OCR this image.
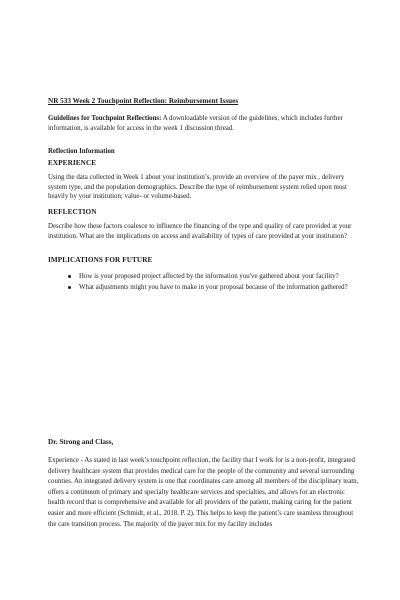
NR 533 Week 2 Touchpoint Reflection: Reimbursement Issues
Guidelines for Touchpoint Reflections: A downloadable version of the guidelines, which includes further information, is available for access in the week 1 discussion thread.
Reflection Information
EXPERIENCE
Using the data collected in Week 1 about your institution’s, provide an overview of the payer mix , delivery system type, and the population demographics. Describe the type of reimbursement system relied upon most heavily by your institution; value- or volume-based.
REFLECTION
Describe how these factors coalesce to influence the financing of the type and quality of care provided at your institution. What are the implications on access and availability of types of care provided at your institution?
IMPLICATIONS FOR FUTURE
How is your proposed project affected by the information you've gathered about your facility?
What adjustments might you have to make in your proposal because of the information gathered?
Dr. Strong and Class,
Experience - As stated in last week’s touchpoint reflection, the facility that I work for is a non-profit, integrated delivery healthcare system that provides medical care for the people of the community and several surrounding counties. An integrated delivery system is one that coordinates care among all members of the disciplinary team, offers a continuum of primary and specialty healthcare services and specialties, and allows for an electronic health record that is comprehensive and available for all providers of the patient, making caring for the patient easier and more efficient (Schmidt, et al., 2018. P. 2). This helps to keep the patient’s care seamless throughout the care transition process. The majority of the payer mix for my facility includes
